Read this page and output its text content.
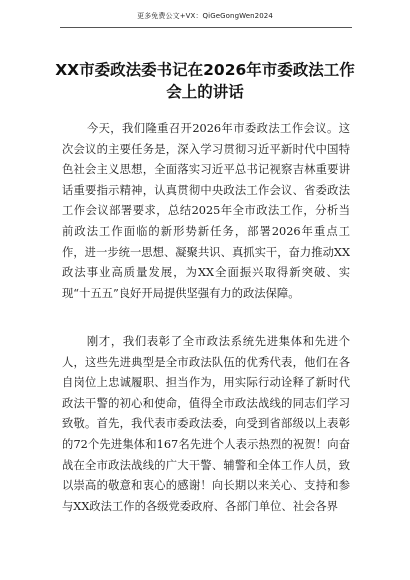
更多免费公文+VX：QiGeGongWen2024
XX市委政法委书记在2026年市委政法工作会上的讲话

今天，我们隆重召开2026年市委政法工作会议。这次会议的主要任务是，深入学习贯彻习近平新时代中国特色社会主义思想，全面落实习近平总书记视察吉林重要讲话重要指示精神，认真贯彻中央政法工作会议、省委政法工作会议部署要求，总结2025年全市政法工作，分析当前政法工作面临的新形势新任务，部署2026年重点工作，进一步统一思想、凝聚共识、真抓实干，奋力推动XX政法事业高质量发展，为XX全面振兴取得新突破、实现“十五五”良好开局提供坚强有力的政法保障。

刚才，我们表彰了全市政法系统先进集体和先进个人，这些先进典型是全市政法队伍的优秀代表，他们在各自岗位上忠诚履职、担当作为，用实际行动诠释了新时代政法干警的初心和使命，值得全市政法战线的同志们学习致敬。首先，我代表市委政法委，向受到省部级以上表彰的72个先进集体和167名先进个人表示热烈的祝贺！向奋战在全市政法战线的广大干警、辅警和全体工作人员，致以崇高的敬意和衷心的感谢！向长期以来关心、支持和参与XX政法工作的各级党委政府、各部门单位、社会各界
